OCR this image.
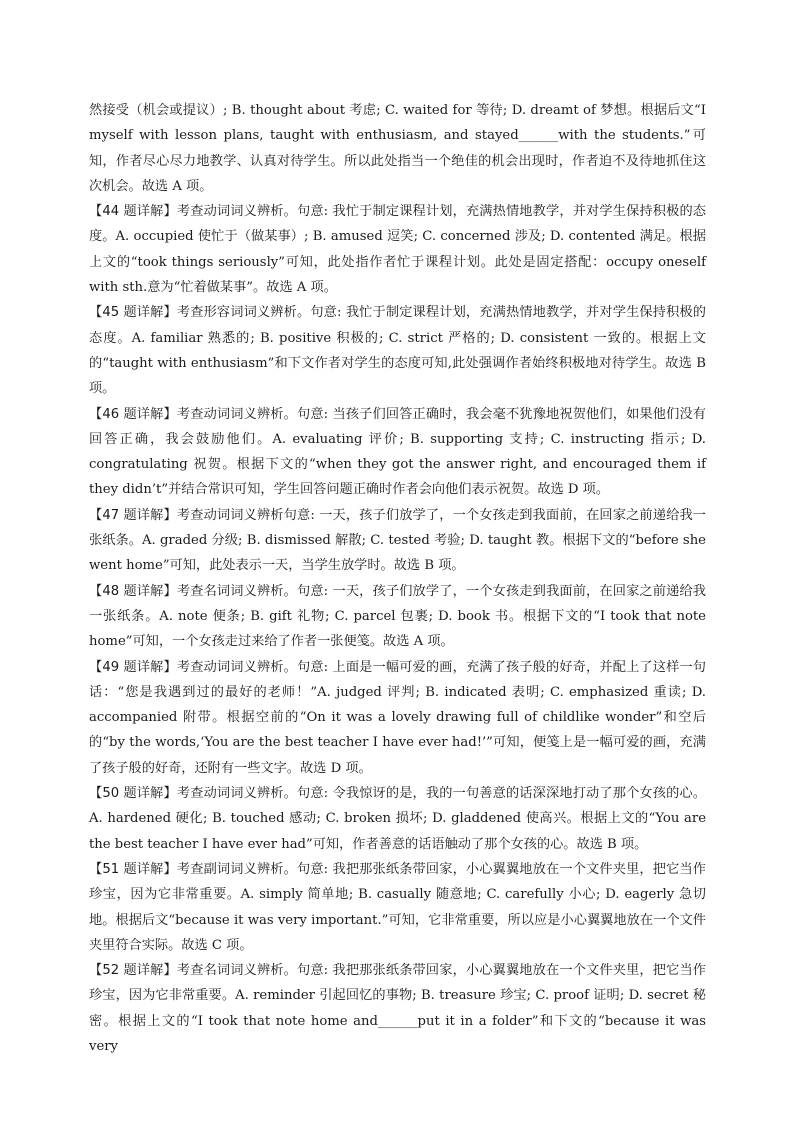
然接受（机会或提议）; B. thought about 考虑; C. waited for 等待; D. dreamt of 梦想。根据后文“I myself with lesson plans, taught with enthusiasm, and stayed______with the students.”可知，作者尽心尽力地教学、认真对待学生。所以此处指当一个绝佳的机会出现时，作者迫不及待地抓住这次机会。故选 A 项。

【44 题详解】考查动词词义辨析。句意: 我忙于制定课程计划，充满热情地教学，并对学生保持积极的态度。A. occupied 使忙于（做某事）; B. amused 逗笑; C. concerned 涉及; D. contented 满足。根据上文的“took things seriously”可知，此处指作者忙于课程计划。此处是固定搭配：occupy oneself with sth.意为“忙着做某事”。故选 A 项。

【45 题详解】考查形容词词义辨析。句意: 我忙于制定课程计划，充满热情地教学，并对学生保持积极的态度。A. familiar 熟悉的; B. positive 积极的; C. strict 严格的; D. consistent 一致的。根据上文的“taught with enthusiasm”和下文作者对学生的态度可知,此处强调作者始终积极地对待学生。故选 B 项。

【46 题详解】考查动词词义辨析。句意: 当孩子们回答正确时，我会毫不犹豫地祝贺他们，如果他们没有回答正确，我会鼓励他们。A. evaluating 评价; B. supporting 支持; C. instructing 指示; D. congratulating 祝贺。根据下文的“when they got the answer right, and encouraged them if they didn’t”并结合常识可知，学生回答问题正确时作者会向他们表示祝贺。故选 D 项。

【47 题详解】考查动词词义辨析句意: 一天，孩子们放学了，一个女孩走到我面前，在回家之前递给我一张纸条。A. graded 分级; B. dismissed 解散; C. tested 考验; D. taught 教。根据下文的“before she went home”可知，此处表示一天，当学生放学时。故选 B 项。

【48 题详解】考查名词词义辨析。句意: 一天，孩子们放学了，一个女孩走到我面前，在回家之前递给我一张纸条。A. note 便条; B. gift 礼物; C. parcel 包裹; D. book 书。根据下文的“I took that note home”可知，一个女孩走过来给了作者一张便笺。故选 A 项。

【49 题详解】考查动词词义辨析。句意: 上面是一幅可爱的画，充满了孩子般的好奇，并配上了这样一句话：“您是我遇到过的最好的老师！”A. judged 评判; B. indicated 表明; C. emphasized 重读; D. accompanied 附带。根据空前的“On it was a lovely drawing full of childlike wonder”和空后的“by the words,‘You are the best teacher I have ever had!’”可知，便笺上是一幅可爱的画，充满了孩子般的好奇，还附有一些文字。故选 D 项。

【50 题详解】考查动词词义辨析。句意: 令我惊讶的是，我的一句善意的话深深地打动了那个女孩的心。A. hardened 硬化; B. touched 感动; C. broken 损坏; D. gladdened 使高兴。根据上文的“You are the best teacher I have ever had”可知，作者善意的话语触动了那个女孩的心。故选 B 项。

【51 题详解】考查副词词义辨析。句意: 我把那张纸条带回家，小心翼翼地放在一个文件夹里，把它当作珍宝，因为它非常重要。A. simply 简单地; B. casually 随意地; C. carefully 小心; D. eagerly 急切地。根据后文“because it was very important.”可知，它非常重要，所以应是小心翼翼地放在一个文件夹里符合实际。故选 C 项。

【52 题详解】考查名词词义辨析。句意: 我把那张纸条带回家，小心翼翼地放在一个文件夹里，把它当作珍宝，因为它非常重要。A. reminder 引起回忆的事物; B. treasure 珍宝; C. proof 证明; D. secret 秘密。根据上文的“I took that note home and______put it in a folder”和下文的“because it was very
